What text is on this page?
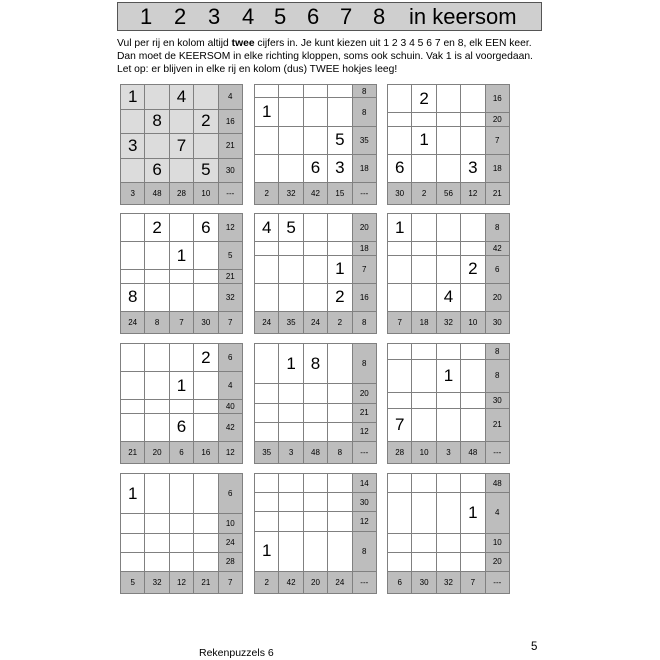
1 2 3 4 5 6 7 8 in keersom
Vul per rij en kolom altijd twee cijfers in. Je kunt kiezen uit 1 2 3 4 5 6 7 en 8, elk EEN keer. Dan moet de KEERSOM in elke richting kloppen, soms ook schuin. Vak 1 is al voorgedaan. Let op: er blijven in elke rij en kolom (dus) TWEE hokjes leeg!
1		4		4
	8		2	16
3		7		21
	6		5	30
3	48	28	10	---
				8
1				8
			5	35
		6	3	18
2	32	42	15	---
	2			16
				20
	1			7
6			3	18
30	2	56	12	21
	2		6	12
		1		5
				21
8				32
24	8	7	30	7
4	5			20
				18
			1	7
			2	16
24	35	24	2	8
1				8
				42
			2	6
		4		20
7	18	32	10	30
			2	6
		1		4
				40
		6		42
21	20	6	16	12
	1	8		8
				20
				21
				12
35	3	48	8	---
				8
		1		8
				30
7				21
28	10	3	48	---
1				6
				10
				24
				28
5	32	12	21	7
				14
				30
				12
1				8
2	42	20	24	---
				48
			1	4
				10
				20
6	30	32	7	---
Rekenpuzzels 6	5
